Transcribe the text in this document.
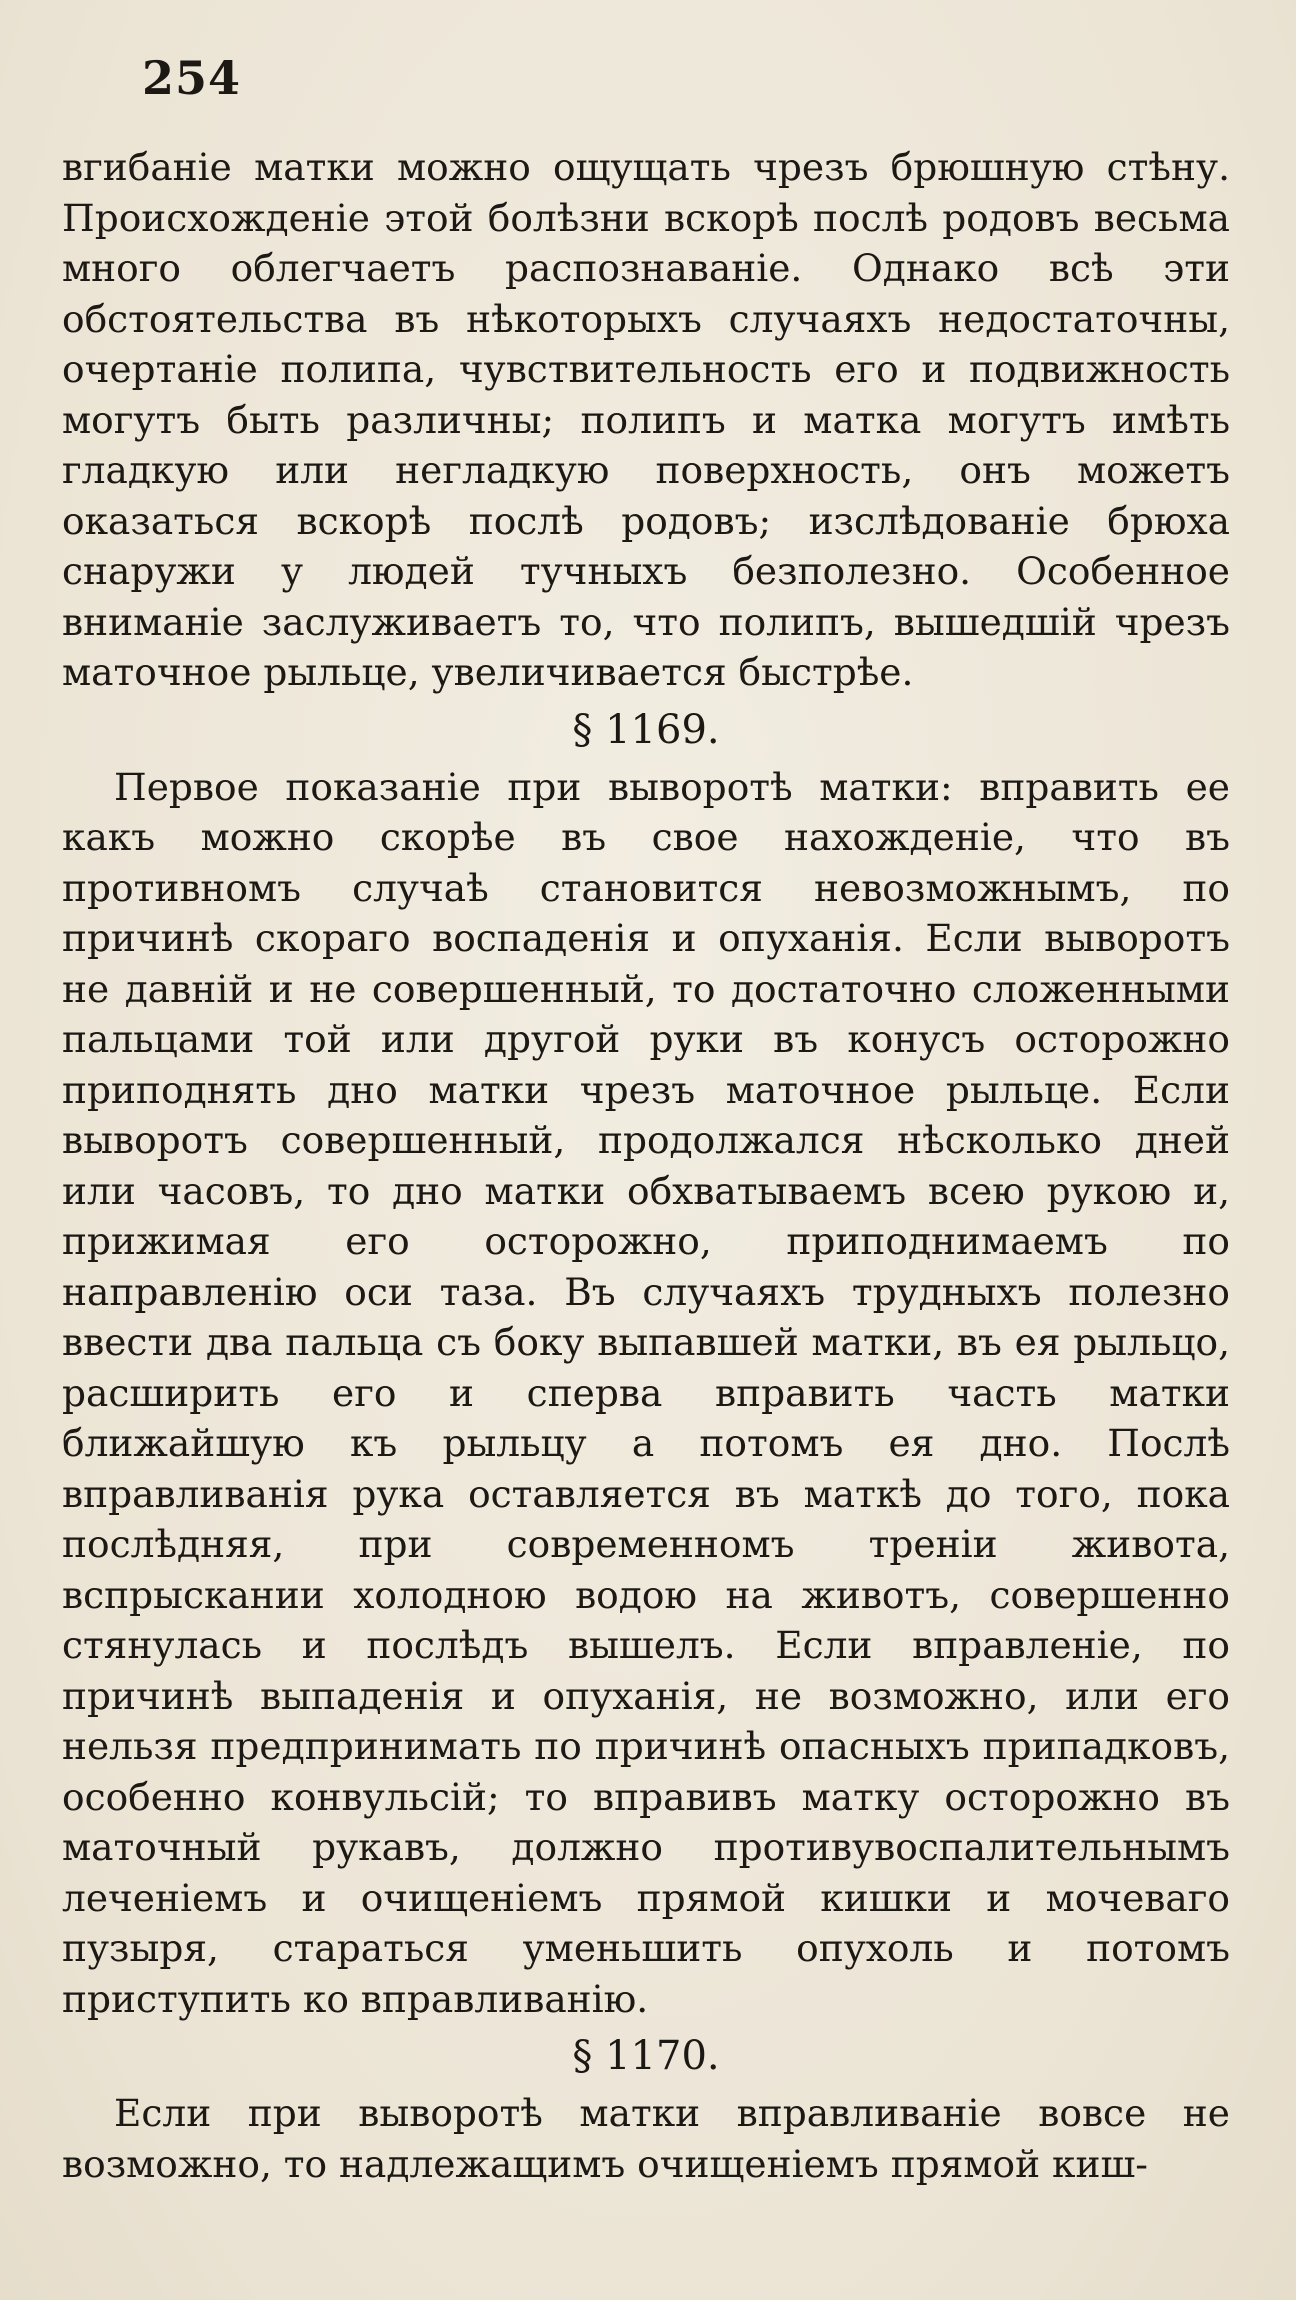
254

вгибаніе матки можно ощущать чрезъ брюшную стѣну. Происхожденіе этой болѣзни вскорѣ послѣ родовъ весьма много облегчаетъ распознаваніе. Однако всѣ эти обстоятельства въ нѣкоторыхъ случаяхъ недостаточны, очертаніе полипа, чувствительность его и подвижность могутъ быть различны; полипъ и матка могутъ имѣть гладкую или негладкую поверхность, онъ можетъ оказаться вскорѣ послѣ родовъ; изслѣдованіе брюха снаружи у людей тучныхъ безполезно. Особенное вниманіе заслуживаетъ то, что полипъ, вышедшій чрезъ маточное рыльце, увеличивается быстрѣе.

§ 1169.

Первое показаніе при выворотѣ матки: вправить ее какъ можно скорѣе въ свое нахожденіе, что въ противномъ случаѣ становится невозможнымъ, по причинѣ скораго воспаденія и опуханія. Если выворотъ не давній и не совершенный, то достаточно сложенными пальцами той или другой руки въ конусъ осторожно приподнять дно матки чрезъ маточное рыльце. Если выворотъ совершенный, продолжался нѣсколько дней или часовъ, то дно матки обхватываемъ всею рукою и, прижимая его осторожно, приподнимаемъ по направленію оси таза. Въ случаяхъ трудныхъ полезно ввести два пальца съ боку выпавшей матки, въ ея рыльцо, расширить его и сперва вправить часть матки ближайшую къ рыльцу а потомъ ея дно. Послѣ вправливанія рука оставляется въ маткѣ до того, пока послѣдняя, при современномъ треніи живота, вспрыскании холодною водою на животъ, совершенно стянулась и послѣдъ вышелъ. Если вправленіе, по причинѣ выпаденія и опуханія, не возможно, или его нельзя предпринимать по причинѣ опасныхъ припадковъ, особенно конвульсій; то вправивъ матку осторожно въ маточный рукавъ, должно противувоспалительнымъ леченіемъ и очищеніемъ прямой кишки и мочеваго пузыря, стараться уменьшить опухоль и потомъ приступить ко вправливанію.

§ 1170.

Если при выворотѣ матки вправливаніе вовсе не возможно, то надлежащимъ очищеніемъ прямой киш-
